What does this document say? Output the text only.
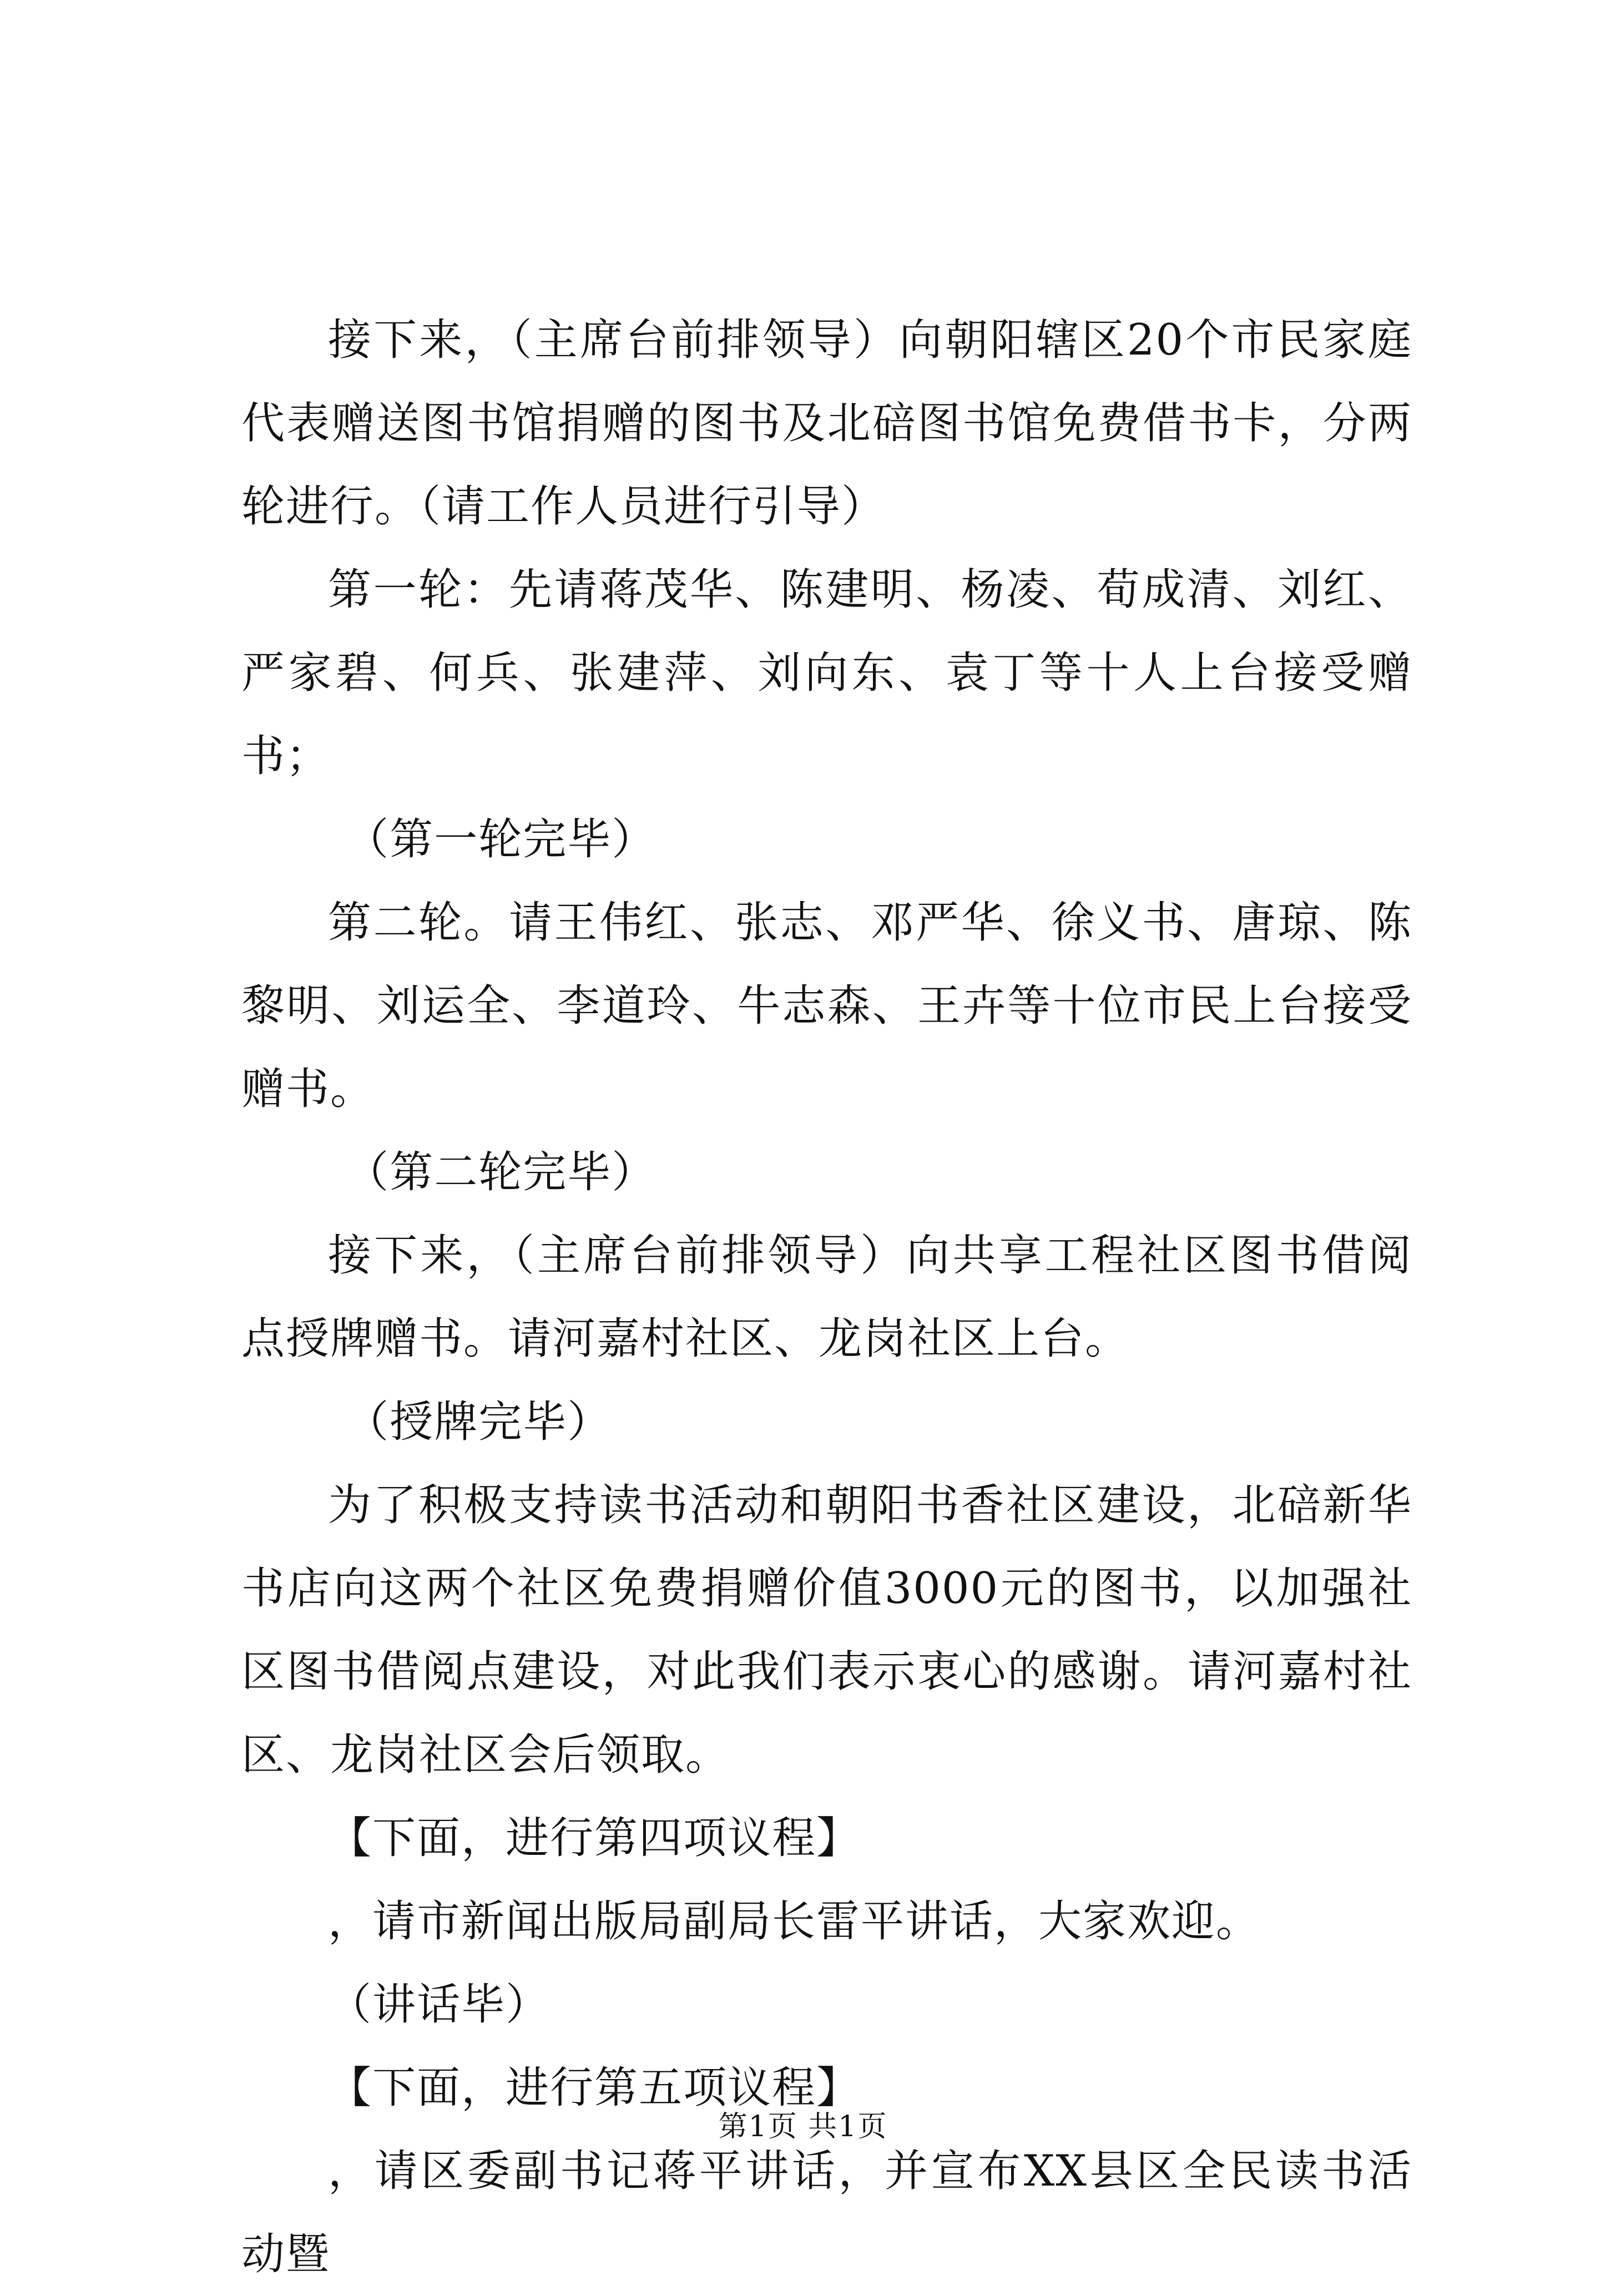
接下来，（主席台前排领导）向朝阳辖区20个市民家庭代表赠送图书馆捐赠的图书及北碚图书馆免费借书卡，分两轮进行。（请工作人员进行引导）

第一轮：先请蒋茂华、陈建明、杨凌、荀成清、刘红、严家碧、何兵、张建萍、刘向东、袁丁等十人上台接受赠书；

（第一轮完毕）

第二轮。请王伟红、张志、邓严华、徐义书、唐琼、陈黎明、刘运全、李道玲、牛志森、王卉等十位市民上台接受赠书。

（第二轮完毕）

接下来，（主席台前排领导）向共享工程社区图书借阅点授牌赠书。请河嘉村社区、龙岗社区上台。

（授牌完毕）

为了积极支持读书活动和朝阳书香社区建设，北碚新华书店向这两个社区免费捐赠价值3000元的图书，以加强社区图书借阅点建设，对此我们表示衷心的感谢。请河嘉村社区、龙岗社区会后领取。

【下面，进行第四项议程】

，请市新闻出版局副局长雷平讲话，大家欢迎。

（讲话毕）

【下面，进行第五项议程】

，请区委副书记蒋平讲话，并宣布XX县区全民读书活动暨

第1页 共1页
